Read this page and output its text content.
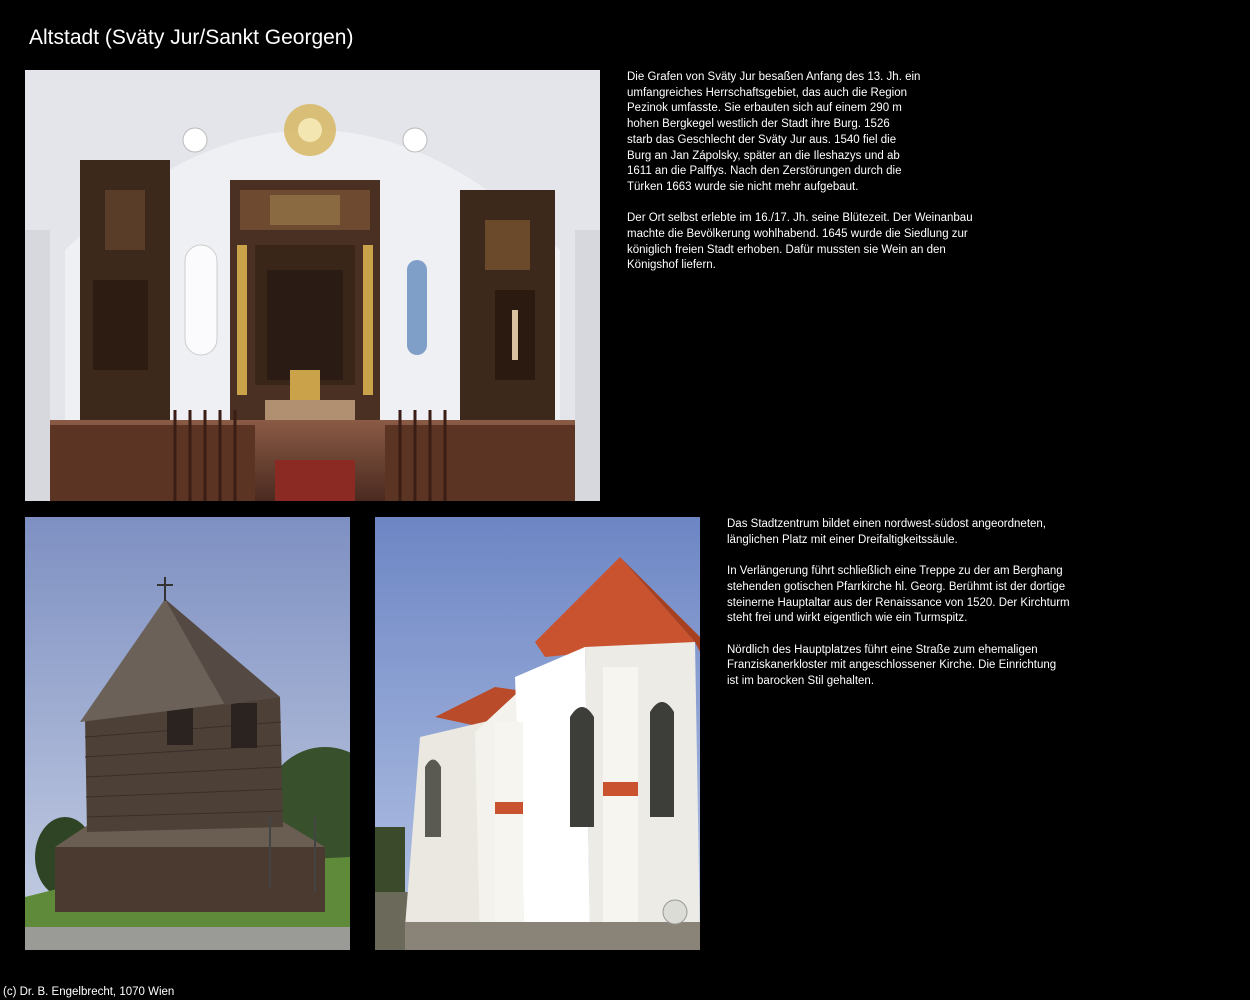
Altstadt (Sväty Jur/Sankt Georgen)

Die Grafen von Sväty Jur besaßen Anfang des 13. Jh. ein
umfangreiches Herrschaftsgebiet, das auch die Region
Pezinok umfasste. Sie erbauten sich auf einem 290 m
hohen Bergkegel westlich der Stadt ihre Burg. 1526
starb das Geschlecht der Sväty Jur aus. 1540 fiel die
Burg an Jan Zápolsky, später an die Ileshazys und ab
1611 an die Palffys. Nach den Zerstörungen durch die
Türken 1663 wurde sie nicht mehr aufgebaut.

Der Ort selbst erlebte im 16./17. Jh. seine Blütezeit. Der Weinanbau
machte die Bevölkerung wohlhabend. 1645 wurde die Siedlung zur
königlich freien Stadt erhoben. Dafür mussten sie Wein an den
Königshof liefern.

Das Stadtzentrum bildet einen nordwest-südost angeordneten,
länglichen Platz mit einer Dreifaltigkeitssäule.

In Verlängerung führt schließlich eine Treppe zu der am Berghang
stehenden gotischen Pfarrkirche hl. Georg. Berühmt ist der dortige
steinerne Hauptaltar aus der Renaissance von 1520. Der Kirchturm
steht frei und wirkt eigentlich wie ein Turmspitz.

Nördlich des Hauptplatzes führt eine Straße zum ehemaligen
Franziskanerkloster mit angeschlossener Kirche. Die Einrichtung
ist im barocken Stil gehalten.

(c) Dr. B. Engelbrecht, 1070 Wien
